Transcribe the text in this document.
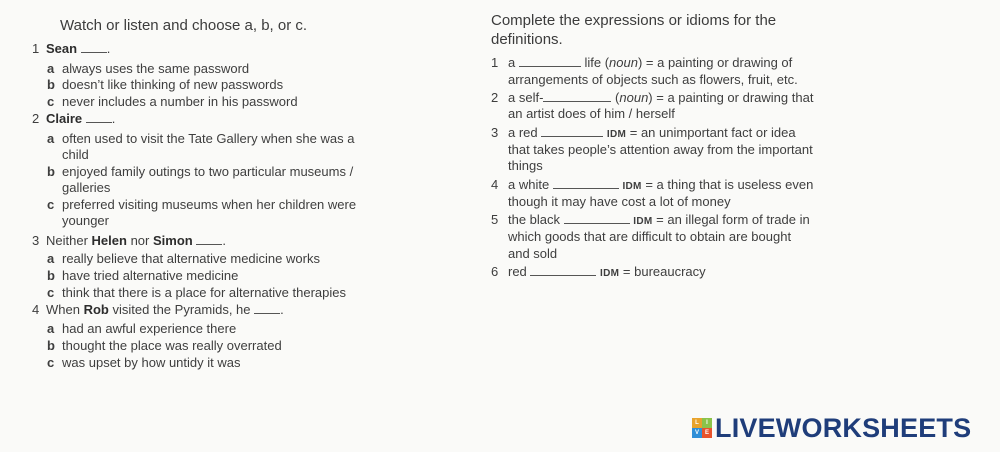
Watch or listen and choose a, b, or c.
1 Sean .
a always uses the same password
b doesn’t like thinking of new passwords
c never includes a number in his password
2 Claire .
a often used to visit the Tate Gallery when she was a
child
b enjoyed family outings to two particular museums /
galleries
c preferred visiting museums when her children were
younger
3 Neither Helen nor Simon .
a really believe that alternative medicine works
b have tried alternative medicine
c think that there is a place for alternative therapies
4 When Rob visited the Pyramids, he .
a had an awful experience there
b thought the place was really overrated
c was upset by how untidy it was
Complete the expressions or idioms for the
definitions.
1 a	life (noun) = a painting or drawing of
arrangements of objects such as flowers, fruit, etc.
2 a self-	(noun) = a painting or drawing that
an artist does of him / herself
3 a red	IDM = an unimportant fact or idea
that takes people’s attention away from the important
things
4 a white	IDM = a thing that is useless even
though it may have cost a lot of money
5 the black	IDM = an illegal form of trade in
which goods that are difficult to obtain are bought
and sold
6 red	IDM = bureaucracy
L	I
V E LIVEWORKSHEETS
